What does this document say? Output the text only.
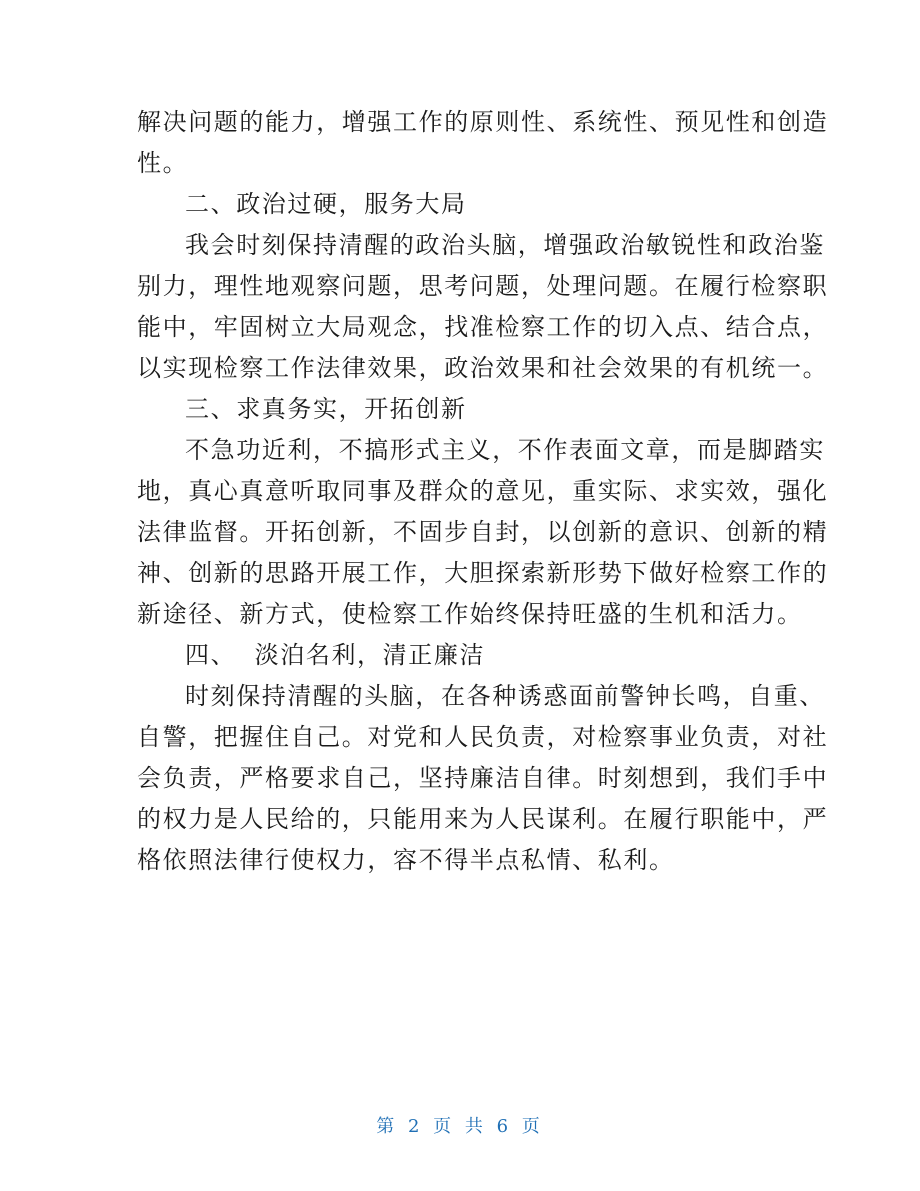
解决问题的能力，增强工作的原则性、系统性、预见性和创造
性。
二、政治过硬，服务大局
我会时刻保持清醒的政治头脑，增强政治敏锐性和政治鉴
别力，理性地观察问题，思考问题，处理问题。在履行检察职
能中，牢固树立大局观念，找准检察工作的切入点、结合点，
以实现检察工作法律效果，政治效果和社会效果的有机统一。
三、求真务实，开拓创新
不急功近利，不搞形式主义，不作表面文章，而是脚踏实
地，真心真意听取同事及群众的意见，重实际、求实效，强化
法律监督。开拓创新，不固步自封，以创新的意识、创新的精
神、创新的思路开展工作，大胆探索新形势下做好检察工作的
新途径、新方式，使检察工作始终保持旺盛的生机和活力。
四、  淡泊名利，清正廉洁
时刻保持清醒的头脑，在各种诱惑面前警钟长鸣，自重、
自警，把握住自己。对党和人民负责，对检察事业负责，对社
会负责，严格要求自己，坚持廉洁自律。时刻想到，我们手中
的权力是人民给的，只能用来为人民谋利。在履行职能中，严
格依照法律行使权力，容不得半点私情、私利。
第 2 页 共 6 页
